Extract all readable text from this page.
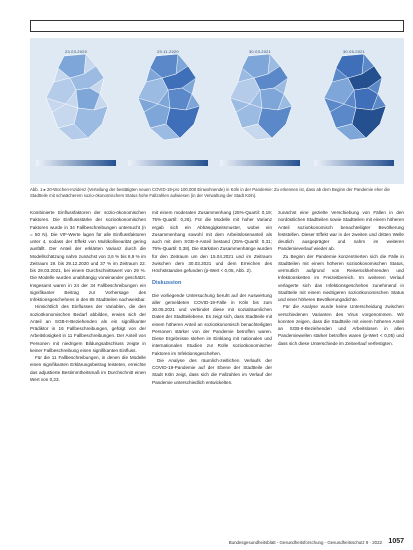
23.03.2020	29.11.2020	30.03.2021	30.05.2021
Abb. 1 ▸ 20-Wochen-Inzidenz (Verteilung der bestätigten neuen COVID-19-pro 100.000 Einwohnende) in Köln in der Pandemie: Zu erkennen ist, dass ab dem Beginn der Pandemie eher die Stadtteile mit schwächerem sozio-ökonomischem Status hohe Fallzahlen aufwiesen (in der Verwaltung der Stadt Köln).

Kombinierte Einflussfaktoren der sozio-ökonomischen Faktoren. Die Einflussstärke der sozioökonomischen Faktoren wurde in 34 Fallbeschreibungen untersucht (n = 50 N). Die VIF-Werte lagen für alle Einflussfaktoren unter 4, sodass der Effekt von Multikollinearität gering ausfällt. Der Anteil der erklärten Varianz durch die Modellschätzung nahm zunächst von 3,6 % bis 6,9 % im Zeitraum 19. bis 29.12.2020 und 37 % im Zeitraum 22. bis 29.03.2021, bei einem Durchschnittswert von 29 %. Die Modelle wurden unabhängig voneinander geschätzt. Insgesamt waren in 24 der 34 Fallbeschreibungen ein signifikanter Beitrag zur Vorhersage des Infektionsgeschehens in den 85 Stadtteilen nachweisbar.

Hinsichtlich des Einflusses der Variablen, die den sozioökonomischen Bedarf abbilden, erwies sich der Anteil an SGB-II-Beziehenden als ein signifikanter Prädiktor in 16 Fallbeschreibungen, gefolgt von der Arbeitslosigkeit in 11 Fallbeschreibungen. Der Anteil von Personen mit niedrigem Bildungsabschluss zeigte in keiner Fallbeschreibung einen signifikanten Einfluss.

Für die 11 Fallbeschreibungen, in denen die Modelle einen signifikanten Erklärungsbeitrag leisteten, erreichte das adjustierte Bestimmtheitsmaß im Durchschnitt einen Wert von 0,23.

mit einem moderaten Zusammenhang (25%-Quartil: 0,19; 75%-Quartil: 0,26). Für die Modelle mit hoher Varianz ergab sich ein Abhängigkeitsmuster, wobei ein Zusammenhang sowohl mit dem Arbeitslosenanteil als auch mit dem SGB-II-Anteil bestand (25%-Quartil: 0,31; 75%-Quartil: 0,38). Die stärksten Zusammenhänge wurden für den Zeitraum um den 15.04.2021 und im Zeitraum zwischen dem 30.03.2021 und dem Erreichen des Höchststandes gefunden (p-Wert < 0,05, Abb. 2).

Diskussion

Die vorliegende Untersuchung beruht auf der Auswertung aller gemeldeten COVID-19-Fälle in Köln bis zum 30.05.2021 und verbindet diese mit sozialräumlichen Daten der Stadtteilebene. Es zeigt sich, dass Stadtteile mit einem höheren Anteil an sozioökonomisch benachteiligten Personen stärker von der Pandemie betroffen waren. Diese Ergebnisse stehen im Einklang mit nationalen und internationalen Studien zur Rolle sozioökonomischer Faktoren im Infektionsgeschehen.

Die Analyse des räumlich-zeitlichen Verlaufs der COVID-19-Pandemie auf der Ebene der Stadtteile der Stadt Köln zeigt, dass sich die Fallzahlen im Verlauf der Pandemie unterschiedlich entwickelten.

zunächst eine gezielte Verschiebung von Fällen in den nordöstlichen Stadtteilen sowie Stadtteilen mit einem höheren Anteil sozioökonomisch benachteiligter Bevölkerung feststellen. Dieser Effekt war in der zweiten und dritten Welle deutlich ausgeprägter und nahm im weiteren Pandemieverlauf wieder ab.

Zu Beginn der Pandemie konzentrierten sich die Fälle in Stadtteilen mit einem höheren sozioökonomischen Status, vermutlich aufgrund von Reiserückkehrenden und Infektionsketten im Freizeitbereich. Im weiteren Verlauf verlagerte sich das Infektionsgeschehen zunehmend in Stadtteile mit einem niedrigeren sozioökonomischen Status und einer höheren Bevölkerungsdichte.

Für die Analyse wurde keine Unterscheidung zwischen verschiedenen Varianten des Virus vorgenommen. Wir konnten zeigen, dass die Stadtteile mit einem höheren Anteil an SGB-II-Beziehenden und Arbeitslosen in allen Pandemiewellen stärker betroffen waren (p-Wert < 0,05) und dass sich diese Unterschiede im Zeitverlauf verfestigten.

Bundesgesundheitsblatt - Gesundheitsforschung - Gesundheitsschutz 9 · 2022 1057
